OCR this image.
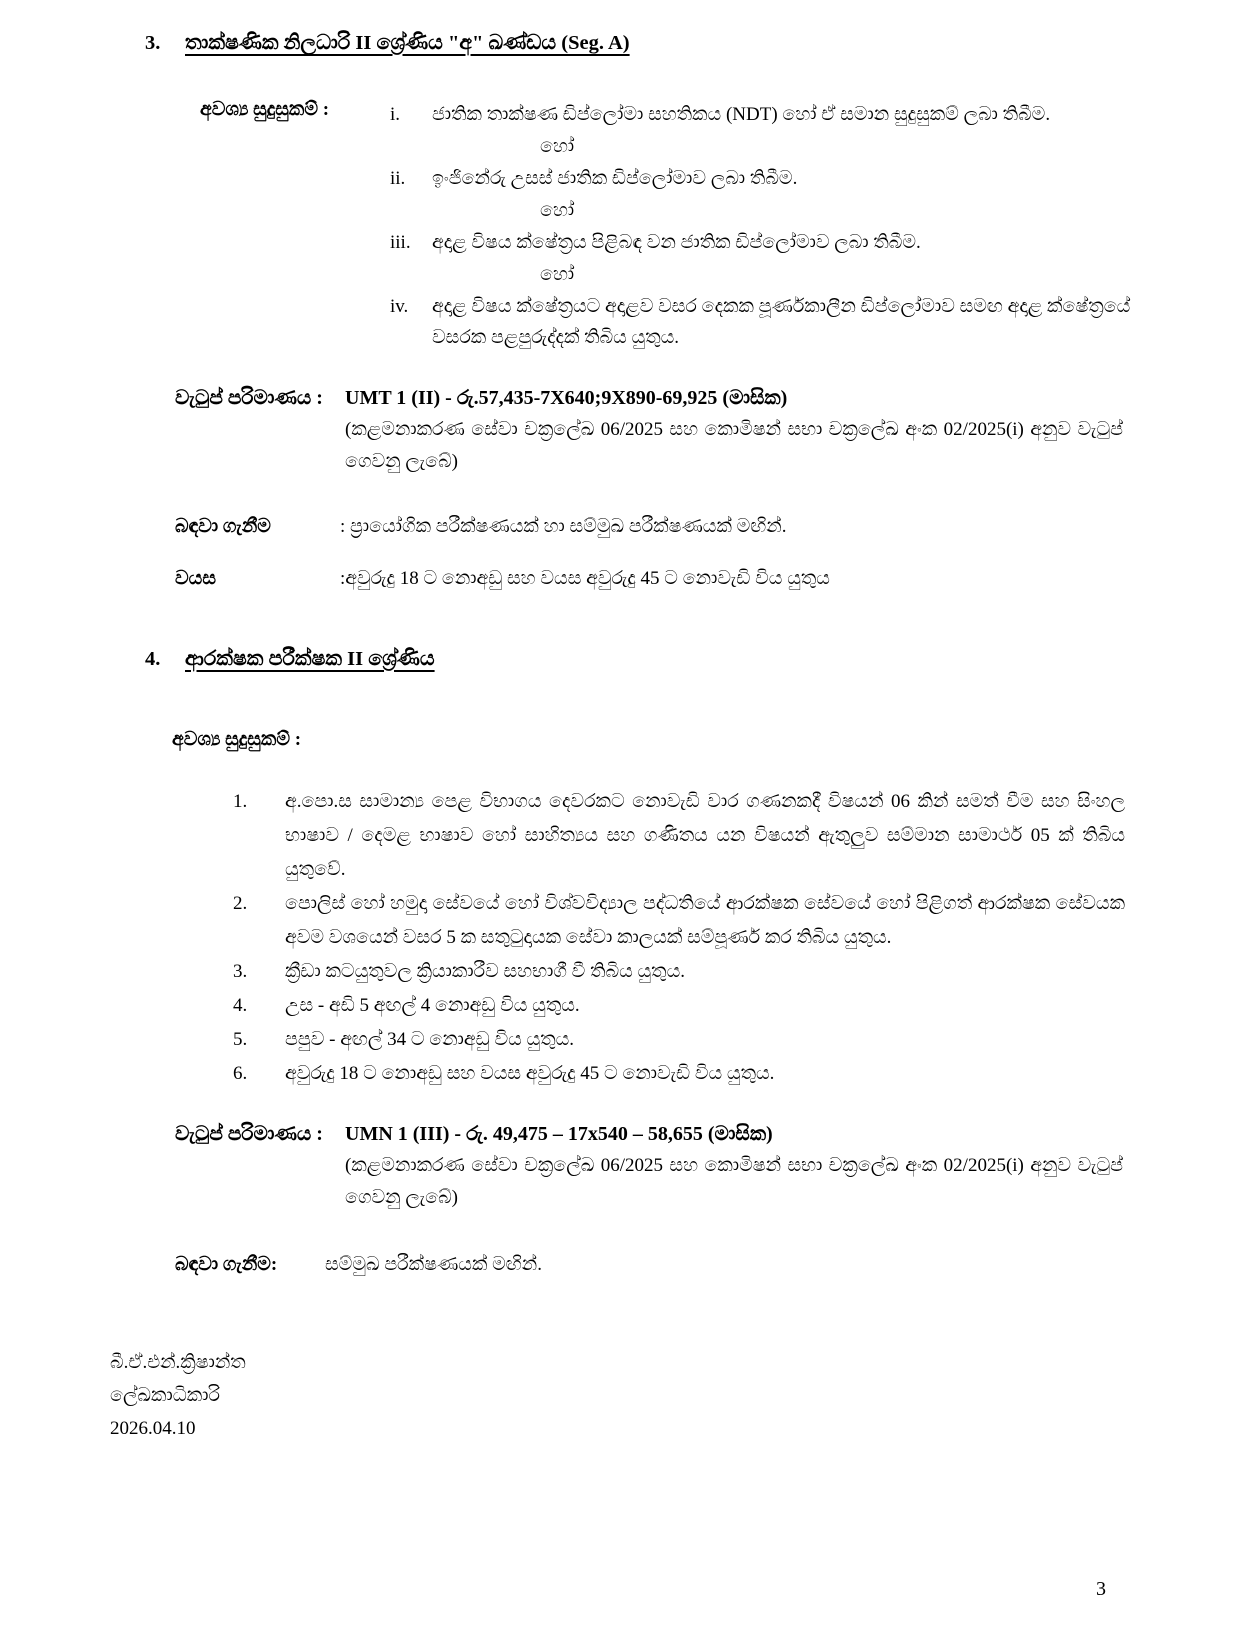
3.	තාක්ෂණික නිලධාරි II ශ්‍රේණිය "අ" ඛණ්ඩය (Seg. A)
අවශ්‍ය සුදුසුකම් :	i.	ජාතික තාක්ෂණ ඩිප්ලෝමා සහතිකය (NDT) හෝ ඒ සමාන සුදුසුකම් ලබා තිබීම.
හෝ
ii.	ඉංජිනේරු උසස් ජාතික ඩිප්ලෝමාව ලබා තිබීම.
හෝ
iii.	අදාළ විෂය ක්ෂේත්‍රය පිළිබඳ වන ජාතික ඩිප්ලෝමාව ලබා තිබීම.
හෝ
iv.	අදාළ විෂය ක්ෂේත්‍රයට අදාළව වසර දෙකක පූර්ණකාලීන ඩිප්ලෝමාව සමඟ අදාළ ක්ෂේත්‍රයේ වසරක පළපුරුද්දක් තිබිය යුතුය.
වැටුප් පරිමාණය :	UMT 1 (II) - රු.57,435-7X640;9X890-69,925 (මාසික)
(කළමනාකරණ සේවා චක්‍රලේඛ 06/2025 සහ කොමිෂන් සභා චක්‍රලේඛ අංක 02/2025(i) අනුව වැටුප් ගෙවනු ලැබේ)
බඳවා ගැනීම	: ප්‍රායෝගික පරීක්ෂණයක් හා සම්මුඛ පරීක්ෂණයක් මඟින්.
වයස	:අවුරුදු 18 ට නොඅඩු සහ වයස අවුරුදු 45 ට නොවැඩි විය යුතුය
4.	ආරක්ෂක පරීක්ෂක II ශ්‍රේණිය
අවශ්‍ය සුදුසුකම් :
1.	අ.පො.ස සාමාන්‍ය පෙළ විභාගය දෙවරකට නොවැඩි වාර ගණනකදී විෂයන් 06 කින් සමත් වීම සහ සිංහල භාෂාව / දෙමළ භාෂාව හෝ සාහිත්‍යය සහ ගණිතය යන විෂයන් ඇතුලුව සම්මාන සාමාර්ථ 05 ක් තිබිය යුතුවේ.
2.	පොලිස් හෝ හමුදා සේවයේ හෝ විශ්වවිද්‍යාල පද්ධතියේ ආරක්ෂක සේවයේ හෝ පිළිගත් ආරක්ෂක සේවයක අවම වශයෙන් වසර 5 ක සතුටුදායක සේවා කාලයක් සම්පූර්ණ කර තිබිය යුතුය.
3.	ක්‍රීඩා කටයුතුවල ක්‍රියාකාරීව සහභාගී වී තිබිය යුතුය.
4.	උස - අඩි 5 අඟල් 4 නොඅඩු විය යුතුය.
5.	පපුව - අඟල් 34 ට නොඅඩු විය යුතුය.
6.	අවුරුදු 18 ට නොඅඩු සහ වයස අවුරුදු 45 ට නොවැඩි විය යුතුය.
වැටුප් පරිමාණය :	UMN 1 (III) - රු. 49,475 – 17x540 – 58,655 (මාසික)
(කළමනාකරණ සේවා චක්‍රලේඛ 06/2025 සහ කොමිෂන් සභා චක්‍රලේඛ අංක 02/2025(i) අනුව වැටුප් ගෙවනු ලැබේ)
බඳවා ගැනීම:	සම්මුඛ පරීක්ෂණයක් මඟින්.
බී.ඒ.එන්.ක්‍රිෂාන්ත
ලේඛකාධිකාරි
2026.04.10
3
